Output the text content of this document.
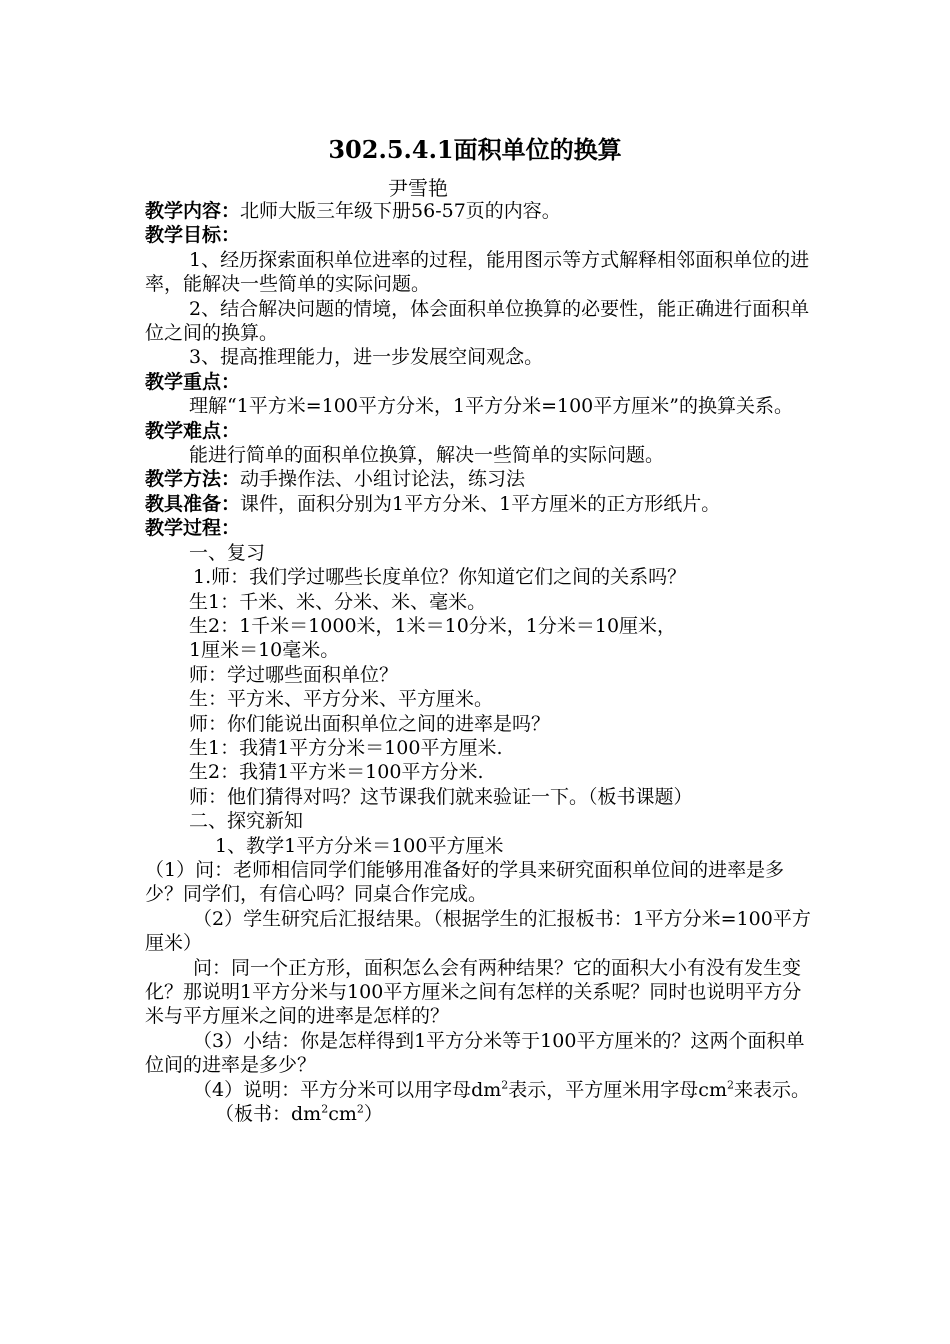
302.5.4.1面积单位的换算
尹雪艳

教学内容：北师大版三年级下册56-57页的内容。

教学目标：

1、经历探索面积单位进率的过程，能用图示等方式解释相邻面积单位的进率，能解决一些简单的实际问题。

2、结合解决问题的情境，体会面积单位换算的必要性，能正确进行面积单位之间的换算。

3、提高推理能力，进一步发展空间观念。

教学重点：

理解“1平方米=100平方分米，1平方分米=100平方厘米”的换算关系。

教学难点：

能进行简单的面积单位换算，解决一些简单的实际问题。

教学方法：动手操作法、小组讨论法，练习法

教具准备：课件，面积分别为1平方分米、1平方厘米的正方形纸片。

教学过程：

一、复习

1.师：我们学过哪些长度单位？你知道它们之间的关系吗？

生1：千米、米、分米、米、毫米。

生2：1千米＝1000米，1米＝10分米，1分米＝10厘米，

1厘米＝10毫米。

师：学过哪些面积单位？

生：平方米、平方分米、平方厘米。

师：你们能说出面积单位之间的进率是吗？

生1：我猜1平方分米＝100平方厘米.

生2：我猜1平方米＝100平方分米.

师：他们猜得对吗？这节课我们就来验证一下。（板书课题）

二、探究新知

1、教学1平方分米＝100平方厘米

（1）问：老师相信同学们能够用准备好的学具来研究面积单位间的进率是多少？同学们，有信心吗？同桌合作完成。

（2）学生研究后汇报结果。（根据学生的汇报板书：1平方分米=100平方厘米）

问：同一个正方形，面积怎么会有两种结果？它的面积大小有没有发生变化？那说明1平方分米与100平方厘米之间有怎样的关系呢？同时也说明平方分米与平方厘米之间的进率是怎样的？

（3）小结：你是怎样得到1平方分米等于100平方厘米的？这两个面积单位间的进率是多少？

（4）说明：平方分米可以用字母$dm^2$表示，平方厘米用字母$cm^2$来表示。

（板书：$dm^2cm^2$）
